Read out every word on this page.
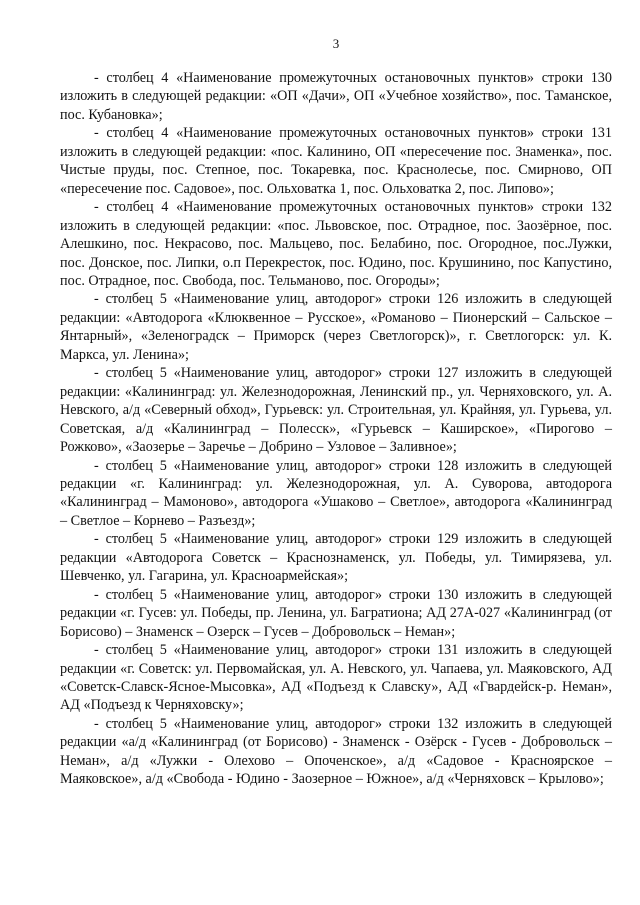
3

- столбец 4 «Наименование промежуточных остановочных пунктов» строки 130 изложить в следующей редакции: «ОП «Дачи», ОП «Учебное хозяйство», пос. Таманское, пос. Кубановка»;

- столбец 4 «Наименование промежуточных остановочных пунктов» строки 131 изложить в следующей редакции: «пос. Калинино, ОП «пересечение пос. Знаменка», пос. Чистые пруды, пос. Степное, пос. Токаревка, пос. Краснолесье, пос. Смирново, ОП «пересечение пос. Садовое», пос. Ольховатка 1, пос. Ольховатка 2, пос. Липово»;

- столбец 4 «Наименование промежуточных остановочных пунктов» строки 132 изложить в следующей редакции: «пос. Львовское, пос. Отрадное, пос. Заозёрное, пос. Алешкино, пос. Некрасово, пос. Мальцево, пос. Белабино, пос. Огородное, пос.Лужки, пос. Донское, пос. Липки, о.п Перекресток, пос. Юдино, пос. Крушинино, пос Капустино, пос. Отрадное, пос. Свобода, пос. Тельманово, пос. Огороды»;

- столбец 5 «Наименование улиц, автодорог» строки 126 изложить в следующей редакции: «Автодорога «Клюквенное – Русское», «Романово – Пионерский – Сальское – Янтарный», «Зеленоградск – Приморск (через Светлогорск)», г. Светлогорск: ул. К. Маркса, ул. Ленина»;

- столбец 5 «Наименование улиц, автодорог» строки 127 изложить в следующей редакции: «Калининград: ул. Железнодорожная, Ленинский пр., ул. Черняховского, ул. А. Невского, а/д «Северный обход», Гурьевск: ул. Строительная, ул. Крайняя, ул. Гурьева, ул. Советская, а/д «Калининград – Полесск», «Гурьевск – Каширское», «Пирогово – Рожково», «Заозерье – Заречье – Добрино – Узловое – Заливное»;

- столбец 5 «Наименование улиц, автодорог» строки 128 изложить в следующей редакции «г. Калининград: ул. Железнодорожная, ул. А. Суворова, автодорога «Калининград – Мамоново», автодорога «Ушаково – Светлое», автодорога «Калининград – Светлое – Корнево – Разъезд»;

- столбец 5 «Наименование улиц, автодорог» строки 129 изложить в следующей редакции «Автодорога Советск – Краснознаменск, ул. Победы, ул. Тимирязева, ул. Шевченко, ул. Гагарина, ул. Красноармейская»;

- столбец 5 «Наименование улиц, автодорог» строки 130 изложить в следующей редакции «г. Гусев: ул. Победы, пр. Ленина, ул. Багратиона; АД 27А-027 «Калининград (от Борисово) – Знаменск – Озерск – Гусев – Добровольск – Неман»;

- столбец 5 «Наименование улиц, автодорог» строки 131 изложить в следующей редакции «г. Советск: ул. Первомайская, ул. А. Невского, ул. Чапаева, ул. Маяковского, АД «Советск-Славск-Ясное-Мысовка», АД «Подъезд к Славску», АД «Гвардейск-р. Неман», АД «Подъезд к Черняховску»;

- столбец 5 «Наименование улиц, автодорог» строки 132 изложить в следующей редакции «а/д «Калининград (от Борисово) - Знаменск - Озёрск - Гусев - Добровольск – Неман», а/д «Лужки - Олехово – Опоченское», а/д «Садовое - Красноярское – Маяковское», а/д «Свобода - Юдино - Заозерное – Южное», а/д «Черняховск – Крылово»;
